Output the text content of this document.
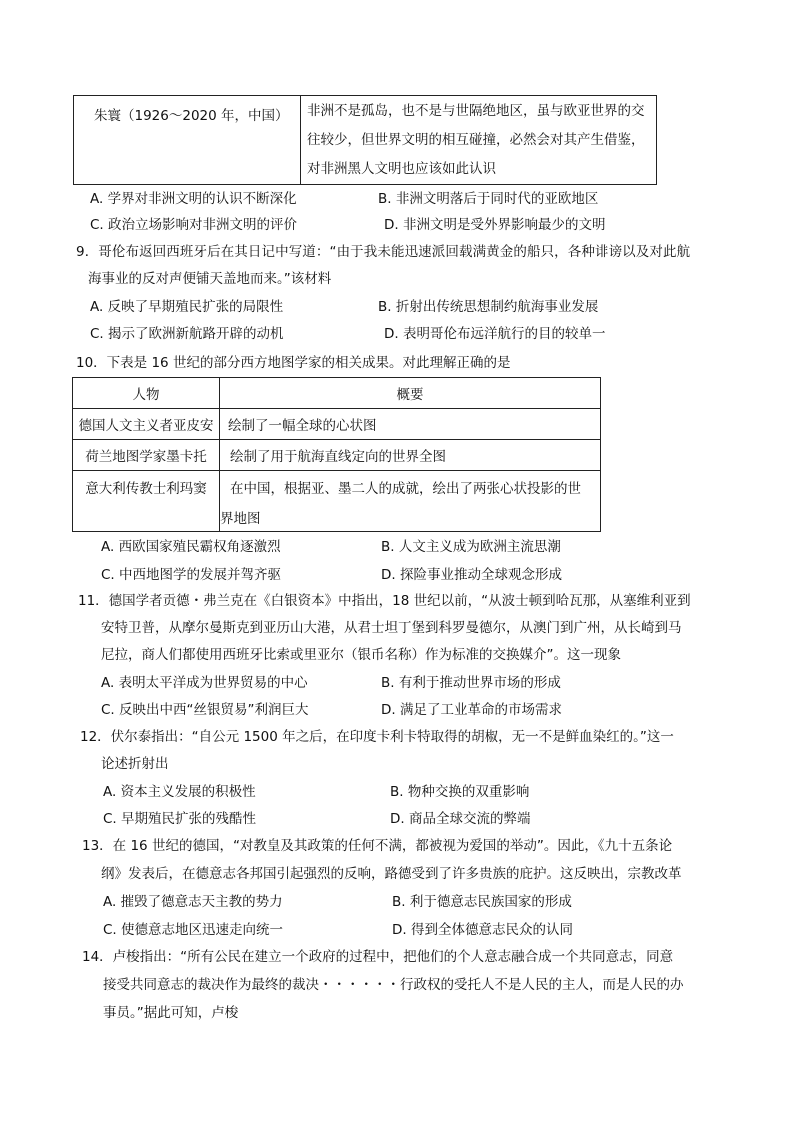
朱寰（1926～2020 年，中国）	非洲不是孤岛，也不是与世隔绝地区，虽与欧亚世界的交
往较少，但世界文明的相互碰撞，必然会对其产生借鉴，
对非洲黑人文明也应该如此认识
A. 学界对非洲文明的认识不断深化	B. 非洲文明落后于同时代的亚欧地区
C. 政治立场影响对非洲文明的评价	D. 非洲文明是受外界影响最少的文明
9．哥伦布返回西班牙后在其日记中写道：“由于我未能迅速派回载满黄金的船只，各种诽谤以及对此航
海事业的反对声便铺天盖地而来。”该材料
A. 反映了早期殖民扩张的局限性	B. 折射出传统思想制约航海事业发展
C. 揭示了欧洲新航路开辟的动机	D. 表明哥伦布远洋航行的目的较单一
10．下表是 16 世纪的部分西方地图学家的相关成果。对此理解正确的是
人物	概要
德国人文主义者亚皮安	绘制了一幅全球的心状图
荷兰地图学家墨卡托	绘制了用于航海直线定向的世界全图

意大利传教士利玛窦	在中国，根据亚、墨二人的成就，绘出了两张心状投影的世
界地图
A. 西欧国家殖民霸权角逐激烈	B. 人文主义成为欧洲主流思潮
C. 中西地图学的发展并驾齐驱	D. 探险事业推动全球观念形成
11．德国学者贡德・弗兰克在《白银资本》中指出，18 世纪以前，“从波士顿到哈瓦那，从塞维利亚到
安特卫普，从摩尔曼斯克到亚历山大港，从君士坦丁堡到科罗曼德尔，从澳门到广州，从长崎到马
尼拉，商人们都使用西班牙比索或里亚尔（银币名称）作为标准的交换媒介”。这一现象
A. 表明太平洋成为世界贸易的中心	B. 有利于推动世界市场的形成
C. 反映出中西“丝银贸易”利润巨大	D. 满足了工业革命的市场需求
12．伏尔泰指出：“自公元 1500 年之后，在印度卡利卡特取得的胡椒，无一不是鲜血染红的。”这一
论述折射出
A. 资本主义发展的积极性	B. 物种交换的双重影响
C. 早期殖民扩张的残酷性	D. 商品全球交流的弊端
13．在 16 世纪的德国，“对教皇及其政策的任何不满，都被视为爱国的举动”。因此，《九十五条论
纲》发表后，在德意志各邦国引起强烈的反响，路德受到了许多贵族的庇护。这反映出，宗教改革
A. 摧毁了德意志天主教的势力	B. 利于德意志民族国家的形成
C. 使德意志地区迅速走向统一	D. 得到全体德意志民众的认同
14．卢梭指出：“所有公民在建立一个政府的过程中，把他们的个人意志融合成一个共同意志，同意
接受共同意志的裁决作为最终的裁决・・・・・・行政权的受托人不是人民的主人，而是人民的办
事员。”据此可知，卢梭
